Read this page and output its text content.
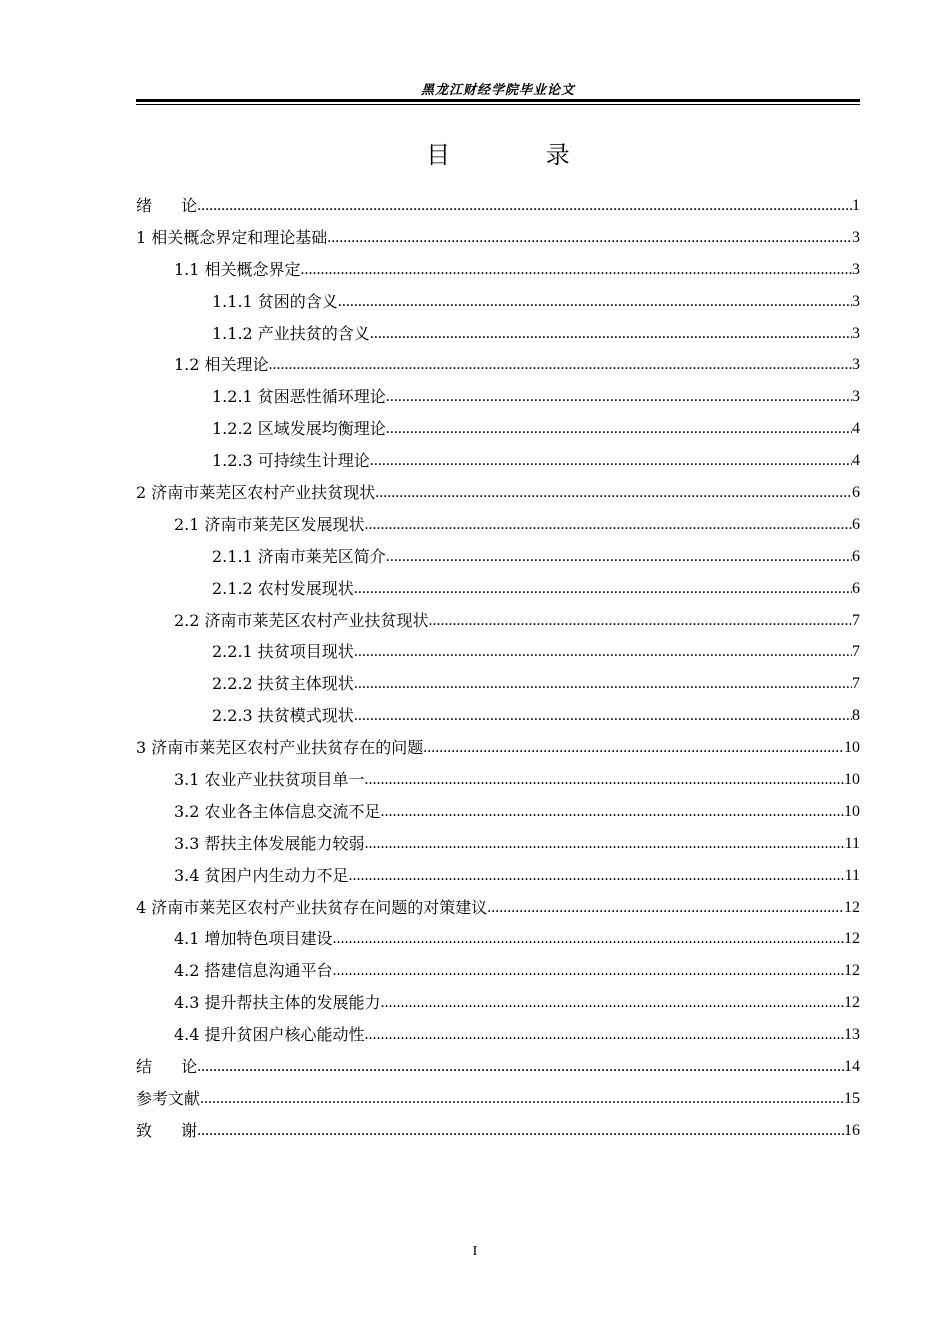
黑龙江财经学院毕业论文
目 录
绪 论 .....	1
1 相关概念界定和理论基础 .....	3
1.1 相关概念界定 .....	3
1.1.1 贫困的含义 .....	3
1.1.2 产业扶贫的含义 .....	3
1.2 相关理论 .....	3
1.2.1 贫困恶性循环理论 .....	3
1.2.2 区域发展均衡理论 .....	4
1.2.3 可持续生计理论 .....	4
2 济南市莱芜区农村产业扶贫现状 .....	6
2.1 济南市莱芜区发展现状 .....	6
2.1.1 济南市莱芜区简介 .....	6
2.1.2 农村发展现状 .....	6
2.2 济南市莱芜区农村产业扶贫现状 .....	7
2.2.1 扶贫项目现状 .....	7
2.2.2 扶贫主体现状 .....	7
2.2.3 扶贫模式现状 .....	8
3 济南市莱芜区农村产业扶贫存在的问题 .....	10
3.1 农业产业扶贫项目单一 .....	10
3.2 农业各主体信息交流不足 .....	10
3.3 帮扶主体发展能力较弱 .....	11
3.4 贫困户内生动力不足 .....	11
4 济南市莱芜区农村产业扶贫存在问题的对策建议 .....	12
4.1 增加特色项目建设 .....	12
4.2 搭建信息沟通平台 .....	12
4.3 提升帮扶主体的发展能力 .....	12
4.4 提升贫困户核心能动性 .....	13
结 论 .....	14
参考文献 .....	15
致 谢 .....	16
I
